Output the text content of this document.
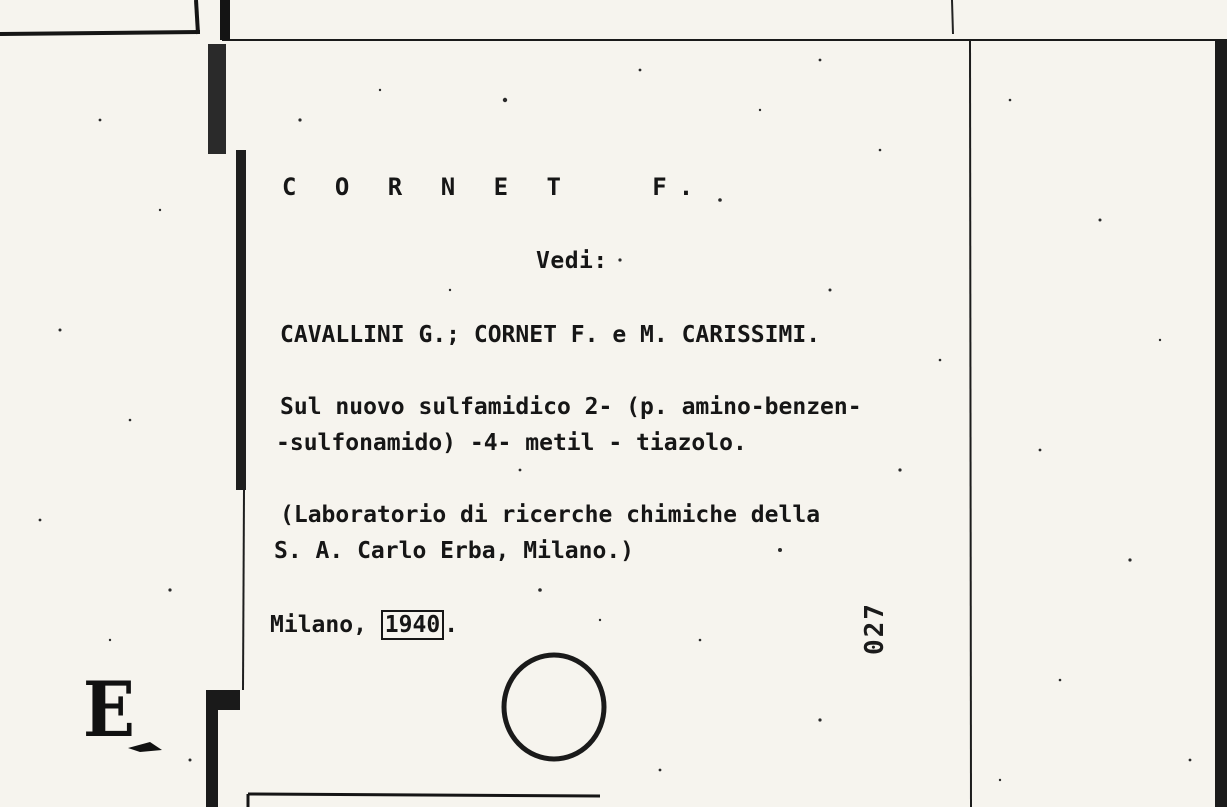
C O R N E T   F.

Vedi:

CAVALLINI G.; CORNET F. e M. CARISSIMI.

Sul nuovo sulfamidico 2- (p. amino-benzen-

-sulfonamido) -4- metil - tiazolo.

(Laboratorio di ricerche chimiche della

S. A. Carlo Erba, Milano.)

Milano, 1940 .	027
E
